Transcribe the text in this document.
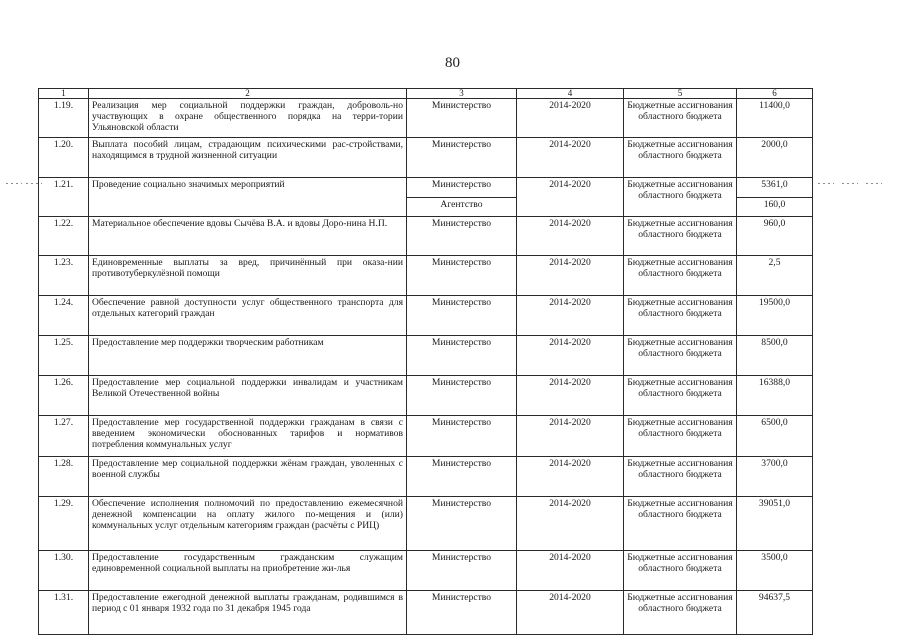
80
1	2	3	4	5	6
1.19.	Реализация мер социальной поддержки граждан, доброволь-но участвующих в охране общественного порядка на терри-тории Ульяновской области	Министерство	2014-2020	Бюджетные ассигнования областного бюджета	11400,0
1.20.	Выплата пособий лицам, страдающим психическими рас-стройствами, находящимся в трудной жизненной ситуации	Министерство	2014-2020	Бюджетные ассигнования областного бюджета	2000,0
1.21.	Проведение социально значимых мероприятий	Министерство	2014-2020	Бюджетные ассигнования областного бюджета	5361,0
		Агентство			160,0
1.22.	Материальное обеспечение вдовы Сычёва В.А. и вдовы Доро-нина Н.П.	Министерство	2014-2020	Бюджетные ассигнования областного бюджета	960,0
1.23.	Единовременные выплаты за вред, причинённый при оказа-нии противотуберкулёзной помощи	Министерство	2014-2020	Бюджетные ассигнования областного бюджета	2,5
1.24.	Обеспечение равной доступности услуг общественного транспорта для отдельных категорий граждан	Министерство	2014-2020	Бюджетные ассигнования областного бюджета	19500,0
1.25.	Предоставление мер поддержки творческим работникам	Министерство	2014-2020	Бюджетные ассигнования областного бюджета	8500,0
1.26.	Предоставление мер социальной поддержки инвалидам и участникам Великой Отечественной войны	Министерство	2014-2020	Бюджетные ассигнования областного бюджета	16388,0
1.27.	Предоставление мер государственной поддержки гражданам в связи с введением экономически обоснованных тарифов и нормативов потребления коммунальных услуг	Министерство	2014-2020	Бюджетные ассигнования областного бюджета	6500,0
1.28.	Предоставление мер социальной поддержки жёнам граждан, уволенных с военной службы	Министерство	2014-2020	Бюджетные ассигнования областного бюджета	3700,0
1.29.	Обеспечение исполнения полномочий по предоставлению ежемесячной денежной компенсации на оплату жилого по-мещения и (или) коммунальных услуг отдельным категориям граждан (расчёты с РИЦ)	Министерство	2014-2020	Бюджетные ассигнования областного бюджета	39051,0
1.30.	Предоставление государственным гражданским служащим единовременной социальной выплаты на приобретение жи-лья	Министерство	2014-2020	Бюджетные ассигнования областного бюджета	3500,0
1.31.	Предоставление ежегодной денежной выплаты гражданам, родившимся в период с 01 января 1932 года по 31 декабря 1945 года	Министерство	2014-2020	Бюджетные ассигнования областного бюджета	94637,5
